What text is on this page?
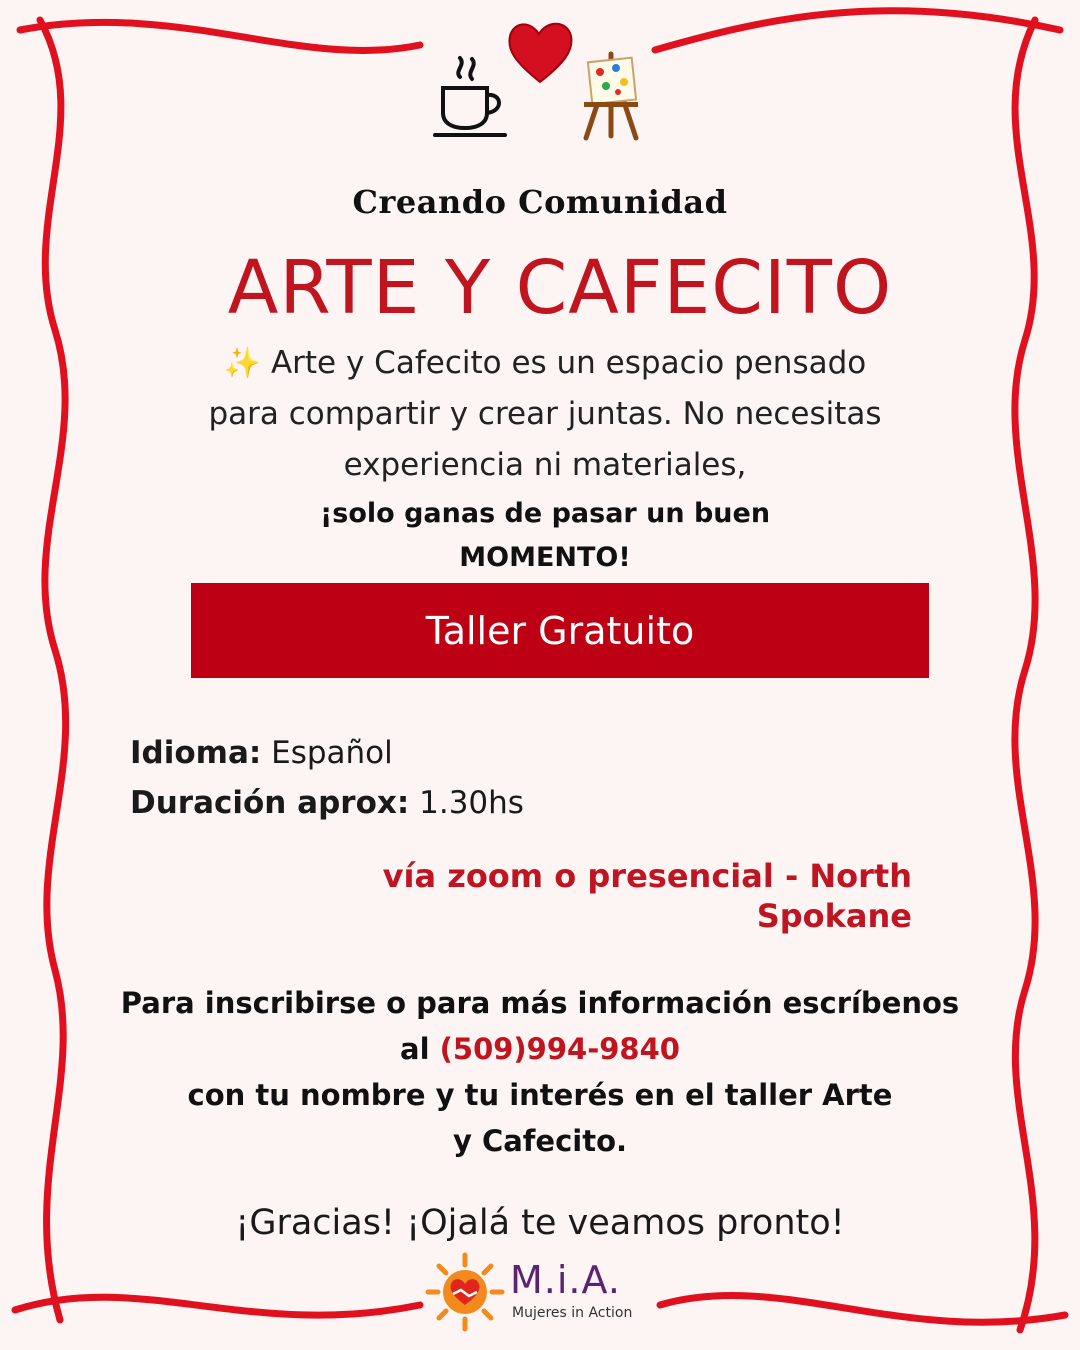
Creando Comunidad
ARTE Y CAFECITO
✨ Arte y Cafecito es un espacio pensado
para compartir y crear juntas. No necesitas
experiencia ni materiales,
¡solo ganas de pasar un buen
MOMENTO!
Taller Gratuito
Idioma: Español
Duración aprox: 1.30hs
vía zoom o presencial - North
Spokane
Para inscribirse o para más información escríbenos
al (509)994-9840
con tu nombre y tu interés en el taller Arte
y Cafecito.
¡Gracias! ¡Ojalá te veamos pronto!
M.i.A.
Mujeres in Action
